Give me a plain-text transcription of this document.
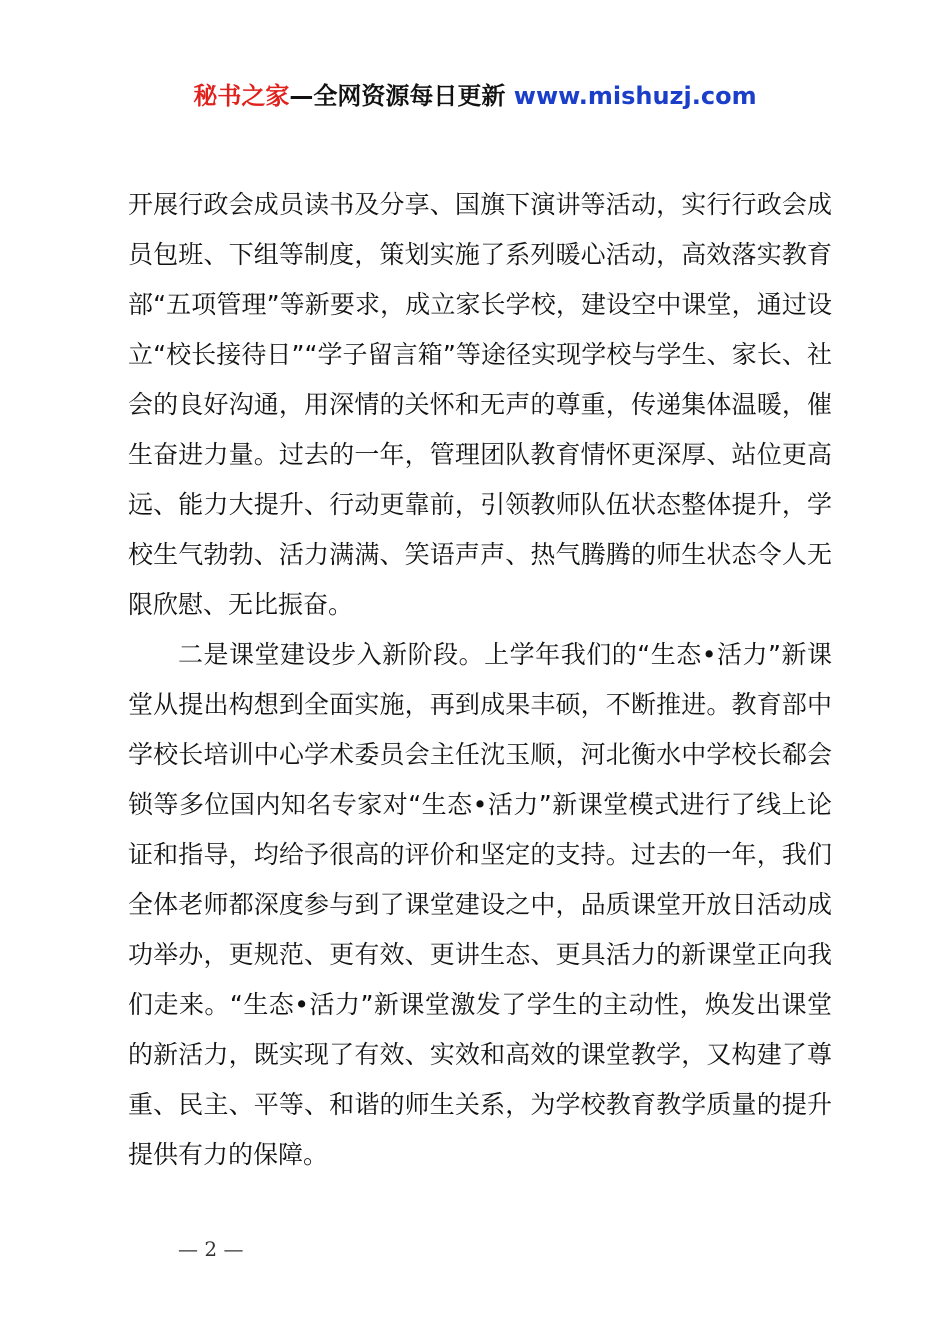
秘书之家—全网资源每日更新 www.mishuzj.com

开展行政会成员读书及分享、国旗下演讲等活动，实行行政会成员包班、下组等制度，策划实施了系列暖心活动，高效落实教育部“五项管理”等新要求，成立家长学校，建设空中课堂，通过设立“校长接待日”“学子留言箱”等途径实现学校与学生、家长、社会的良好沟通，用深情的关怀和无声的尊重，传递集体温暖，催生奋进力量。过去的一年，管理团队教育情怀更深厚、站位更高远、能力大提升、行动更靠前，引领教师队伍状态整体提升，学校生气勃勃、活力满满、笑语声声、热气腾腾的师生状态令人无限欣慰、无比振奋。

二是课堂建设步入新阶段。上学年我们的“生态•活力”新课堂从提出构想到全面实施，再到成果丰硕，不断推进。教育部中学校长培训中心学术委员会主任沈玉顺，河北衡水中学校长郗会锁等多位国内知名专家对“生态•活力”新课堂模式进行了线上论证和指导，均给予很高的评价和坚定的支持。过去的一年，我们全体老师都深度参与到了课堂建设之中，品质课堂开放日活动成功举办，更规范、更有效、更讲生态、更具活力的新课堂正向我们走来。“生态•活力”新课堂激发了学生的主动性，焕发出课堂的新活力，既实现了有效、实效和高效的课堂教学，又构建了尊重、民主、平等、和谐的师生关系，为学校教育教学质量的提升提供有力的保障。

— 2 —
